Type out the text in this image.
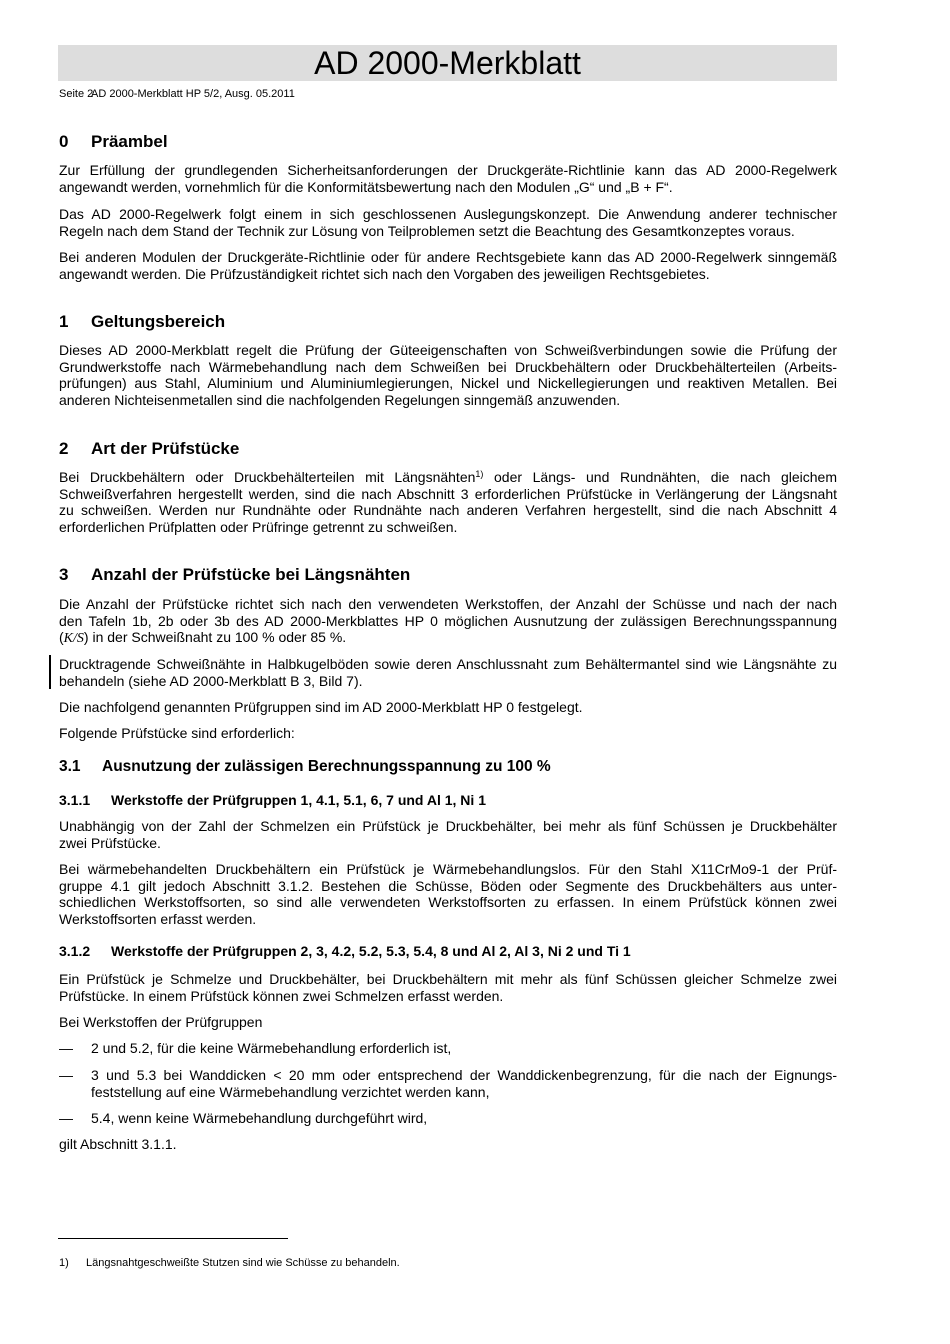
AD 2000-Merkblatt
Seite 2
AD 2000-Merkblatt HP 5/2, Ausg. 05.2011
0 Präambel
Zur Erfüllung der grundlegenden Sicherheitsanforderungen der Druckgeräte-Richtlinie kann das AD 2000-Regelwerk
angewandt werden, vornehmlich für die Konformitätsbewertung nach den Modulen „G“ und „B + F“.
Das AD 2000-Regelwerk folgt einem in sich geschlossenen Auslegungskonzept. Die Anwendung anderer technischer
Regeln nach dem Stand der Technik zur Lösung von Teilproblemen setzt die Beachtung des Gesamtkonzeptes voraus.
Bei anderen Modulen der Druckgeräte-Richtlinie oder für andere Rechtsgebiete kann das AD 2000-Regelwerk sinngemäß
angewandt werden. Die Prüfzuständigkeit richtet sich nach den Vorgaben des jeweiligen Rechtsgebietes.
1 Geltungsbereich
Dieses AD 2000-Merkblatt regelt die Prüfung der Güteeigenschaften von Schweißverbindungen sowie die Prüfung der
Grundwerkstoffe nach Wärmebehandlung nach dem Schweißen bei Druckbehältern oder Druckbehälterteilen (Arbeits-
prüfungen) aus Stahl, Aluminium und Aluminiumlegierungen, Nickel und Nickellegierungen und reaktiven Metallen. Bei
anderen Nichteisenmetallen sind die nachfolgenden Regelungen sinngemäß anzuwenden.
2 Art der Prüfstücke
Bei Druckbehältern oder Druckbehälterteilen mit Längsnähten$^{1)}$ oder Längs- und Rundnähten, die nach gleichem
Schweißverfahren hergestellt werden, sind die nach Abschnitt 3 erforderlichen Prüfstücke in Verlängerung der Längsnaht
zu schweißen. Werden nur Rundnähte oder Rundnähte nach anderen Verfahren hergestellt, sind die nach Abschnitt 4
erforderlichen Prüfplatten oder Prüfringe getrennt zu schweißen.
3 Anzahl der Prüfstücke bei Längsnähten
Die Anzahl der Prüfstücke richtet sich nach den verwendeten Werkstoffen, der Anzahl der Schüsse und nach der nach
den Tafeln 1b, 2b oder 3b des AD 2000-Merkblattes HP 0 möglichen Ausnutzung der zulässigen Berechnungsspannung
(K/S) in der Schweißnaht zu 100 % oder 85 %.
Drucktragende Schweißnähte in Halbkugelböden sowie deren Anschlussnaht zum Behältermantel sind wie Längsnähte zu
behandeln (siehe AD 2000-Merkblatt B 3, Bild 7).
Die nachfolgend genannten Prüfgruppen sind im AD 2000-Merkblatt HP 0 festgelegt.
Folgende Prüfstücke sind erforderlich:
3.1 Ausnutzung der zulässigen Berechnungsspannung zu 100 %
3.1.1 Werkstoffe der Prüfgruppen 1, 4.1, 5.1, 6, 7 und Al 1, Ni 1
Unabhängig von der Zahl der Schmelzen ein Prüfstück je Druckbehälter, bei mehr als fünf Schüssen je Druckbehälter
zwei Prüfstücke.
Bei wärmebehandelten Druckbehältern ein Prüfstück je Wärmebehandlungslos. Für den Stahl X11CrMo9-1 der Prüf-
gruppe 4.1 gilt jedoch Abschnitt 3.1.2. Bestehen die Schüsse, Böden oder Segmente des Druckbehälters aus unter-
schiedlichen Werkstoffsorten, so sind alle verwendeten Werkstoffsorten zu erfassen. In einem Prüfstück können zwei
Werkstoffsorten erfasst werden.
3.1.2 Werkstoffe der Prüfgruppen 2, 3, 4.2, 5.2, 5.3, 5.4, 8 und Al 2, Al 3, Ni 2 und Ti 1
Ein Prüfstück je Schmelze und Druckbehälter, bei Druckbehältern mit mehr als fünf Schüssen gleicher Schmelze zwei
Prüfstücke. In einem Prüfstück können zwei Schmelzen erfasst werden.
Bei Werkstoffen der Prüfgruppen
— 2 und 5.2, für die keine Wärmebehandlung erforderlich ist,
— 3 und 5.3 bei Wanddicken < 20 mm oder entsprechend der Wanddickenbegrenzung, für die nach der Eignungs-
feststellung auf eine Wärmebehandlung verzichtet werden kann,
— 5.4, wenn keine Wärmebehandlung durchgeführt wird,
gilt Abschnitt 3.1.1.
1) Längsnahtgeschweißte Stutzen sind wie Schüsse zu behandeln.
